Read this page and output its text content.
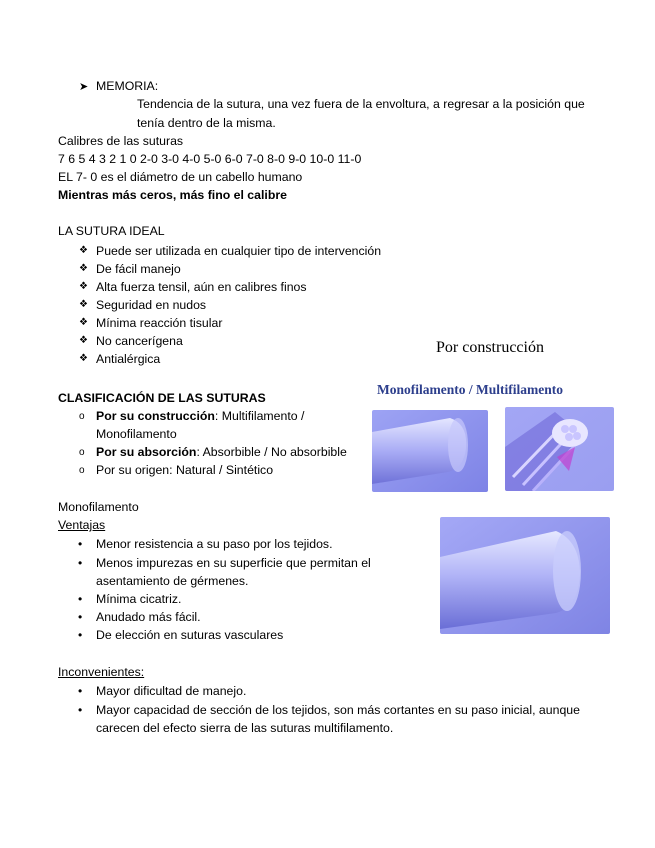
➤ MEMORIA:
Tendencia de la sutura, una vez fuera de la envoltura, a regresar a la posición que
tenía dentro de la misma.
Calibres de las suturas
7 6 5 4 3 2 1 0 2-0 3-0 4-0 5-0 6-0 7-0 8-0 9-0 10-0 11-0
EL 7- 0 es el diámetro de un cabello humano
Mientras más ceros, más fino el calibre
LA SUTURA IDEAL
❖ Puede ser utilizada en cualquier tipo de intervención
❖ De fácil manejo
❖ Alta fuerza tensil, aún en calibres finos
❖ Seguridad en nudos
❖ Mínima reacción tisular
❖ No cancerígena
❖ Antialérgica
Por construcción
Monofilamento / Multifilamento
CLASIFICACIÓN DE LAS SUTURAS
o Por su construcción: Multifilamento /
Monofilamento
o Por su absorción: Absorbible / No absorbible
o Por su origen: Natural / Sintético
Monofilamento
Ventajas
• Menor resistencia a su paso por los tejidos.
• Menos impurezas en su superficie que permitan el
asentamiento de gérmenes.
• Mínima cicatriz.
• Anudado más fácil.
• De elección en suturas vasculares
Inconvenientes:
• Mayor dificultad de manejo.
• Mayor capacidad de sección de los tejidos, son más cortantes en su paso inicial, aunque
carecen del efecto sierra de las suturas multifilamento.
